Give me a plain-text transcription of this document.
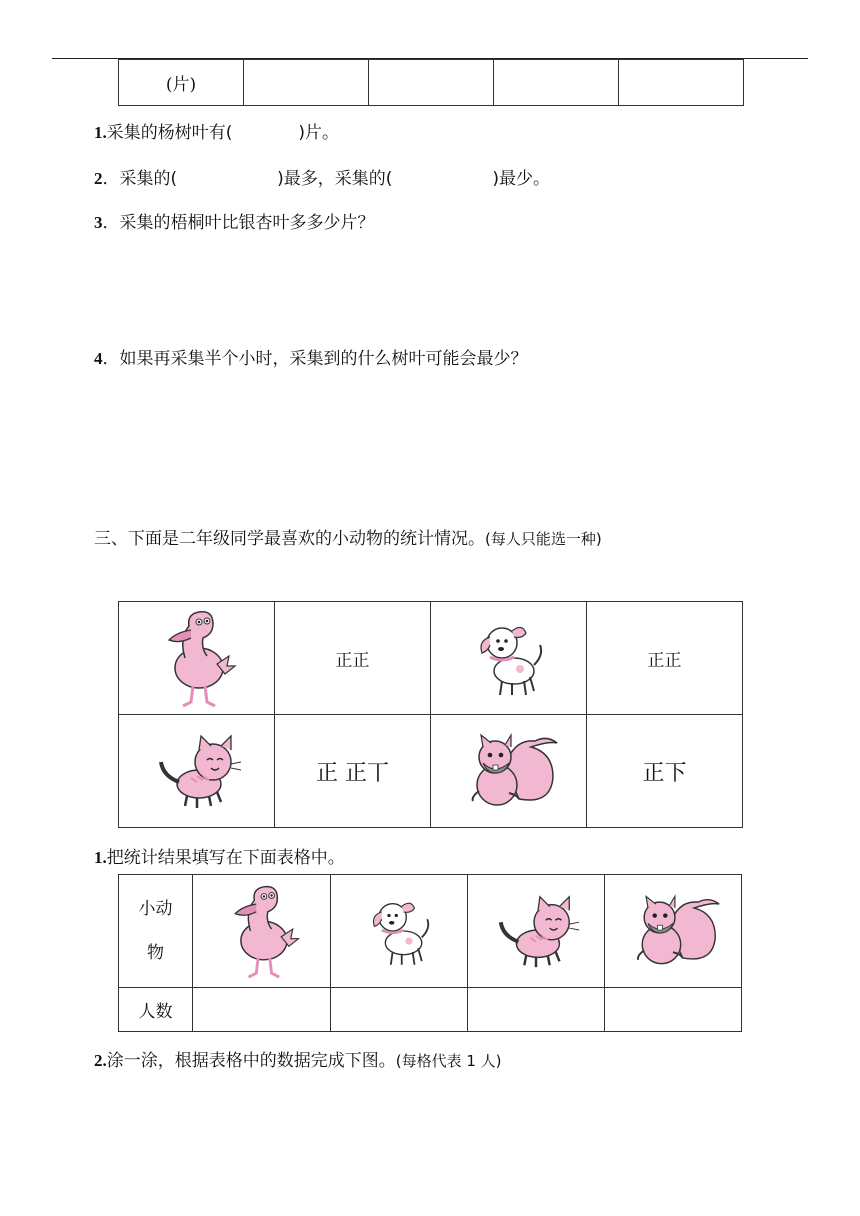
(片)				
1.采集的杨树叶有(	)片。
2．采集的(	)最多，采集的(	)最少。
3．采集的梧桐叶比银杏叶多多少片？
4．如果再采集半个小时，采集到的什么树叶可能会最少？
三、下面是二年级同学最喜欢的小动物的统计情况。(每人只能选一种)
	正正		正正

	正 正丅		正下
1.把统计结果填写在下面表格中。
小动
物

人数				
2.涂一涂，根据表格中的数据完成下图。(每格代表 1 人)
